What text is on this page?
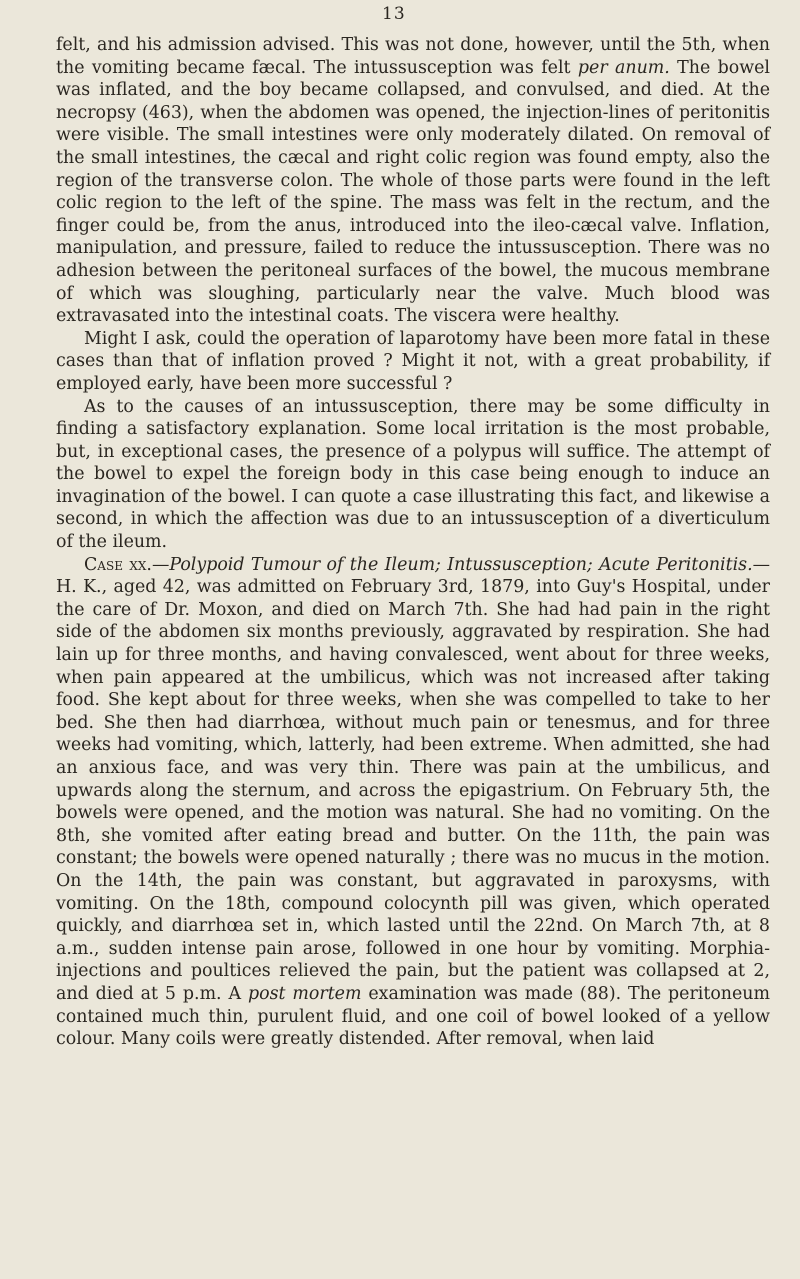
13

felt, and his admission advised. This was not done, however, until the 5th, when the vomiting became fæcal. The intussusception was felt per anum. The bowel was inflated, and the boy became collapsed, and convulsed, and died. At the necropsy (463), when the abdomen was opened, the injection-lines of peritonitis were visible. The small intestines were only moderately dilated. On removal of the small intestines, the cæcal and right colic region was found empty, also the region of the transverse colon. The whole of those parts were found in the left colic region to the left of the spine. The mass was felt in the rectum, and the finger could be, from the anus, introduced into the ileo-cæcal valve. Inflation, manipulation, and pressure, failed to reduce the intussusception. There was no adhesion between the peritoneal surfaces of the bowel, the mucous membrane of which was sloughing, particularly near the valve. Much blood was extravasated into the intestinal coats. The viscera were healthy.

Might I ask, could the operation of laparotomy have been more fatal in these cases than that of inflation proved ? Might it not, with a great probability, if employed early, have been more successful ?

As to the causes of an intussusception, there may be some difficulty in finding a satisfactory explanation. Some local irritation is the most probable, but, in exceptional cases, the presence of a polypus will suffice. The attempt of the bowel to expel the foreign body in this case being enough to induce an invagination of the bowel. I can quote a case illustrating this fact, and likewise a second, in which the affection was due to an intussusception of a diverticulum of the ileum.

Case xx.—Polypoid Tumour of the Ileum; Intussusception; Acute Peritonitis.—H. K., aged 42, was admitted on February 3rd, 1879, into Guy's Hospital, under the care of Dr. Moxon, and died on March 7th. She had had pain in the right side of the abdomen six months previously, aggravated by respiration. She had lain up for three months, and having convalesced, went about for three weeks, when pain appeared at the umbilicus, which was not increased after taking food. She kept about for three weeks, when she was compelled to take to her bed. She then had diarrhœa, without much pain or tenesmus, and for three weeks had vomiting, which, latterly, had been extreme. When admitted, she had an anxious face, and was very thin. There was pain at the umbilicus, and upwards along the sternum, and across the epigastrium. On February 5th, the bowels were opened, and the motion was natural. She had no vomiting. On the 8th, she vomited after eating bread and butter. On the 11th, the pain was constant; the bowels were opened naturally ; there was no mucus in the motion. On the 14th, the pain was constant, but aggravated in paroxysms, with vomiting. On the 18th, compound colocynth pill was given, which operated quickly, and diarrhœa set in, which lasted until the 22nd. On March 7th, at 8 a.m., sudden intense pain arose, followed in one hour by vomiting. Morphia-injections and poultices relieved the pain, but the patient was collapsed at 2, and died at 5 p.m. A post mortem examination was made (88). The peritoneum contained much thin, purulent fluid, and one coil of bowel looked of a yellow colour. Many coils were greatly distended. After removal, when laid
